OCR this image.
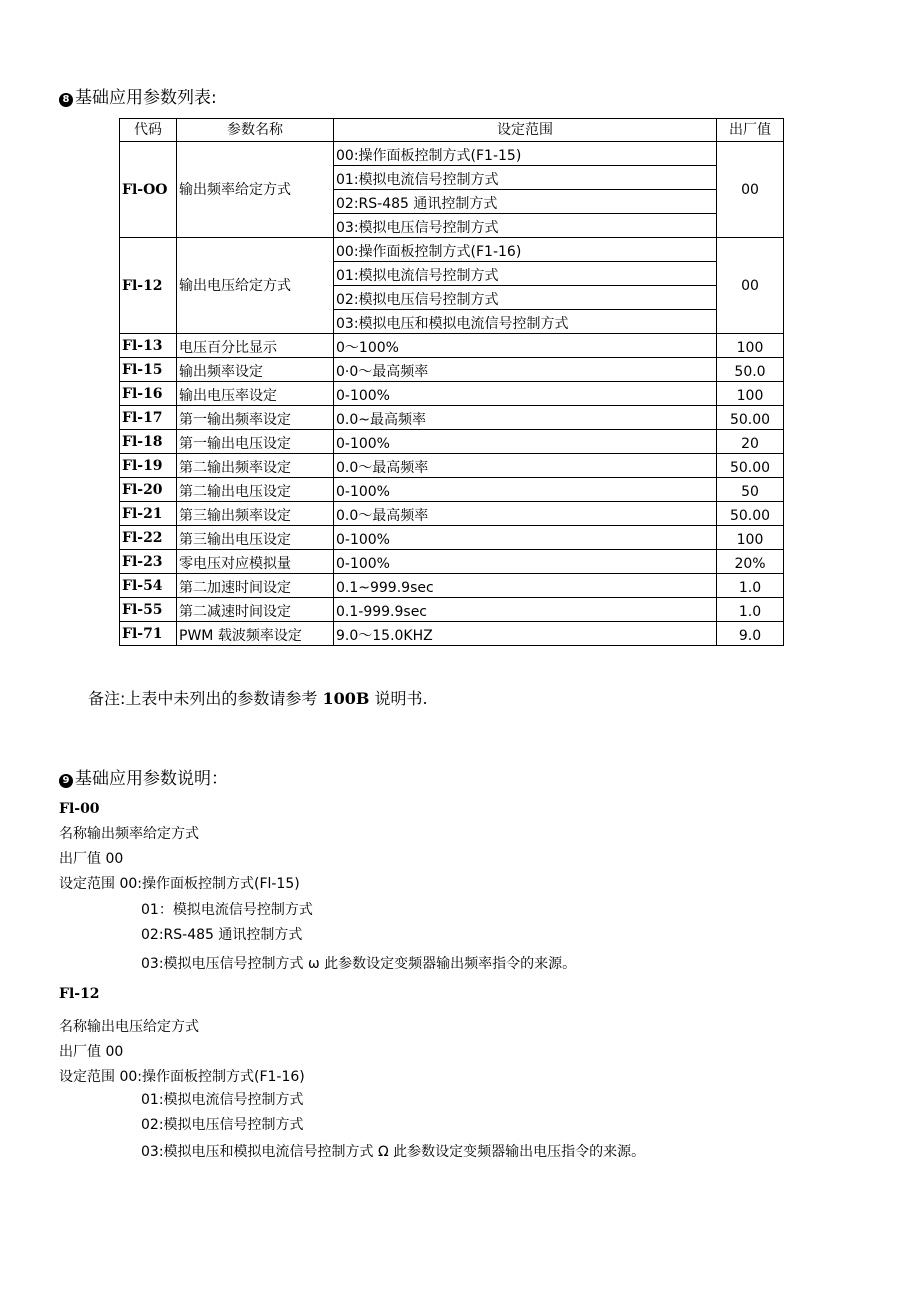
8 基础应用参数列表:
代码	参数名称	设定范围	出厂值
Fl-OO	输出频率给定方式	00:操作面板控制方式(F1-15)	00
		01:模拟电流信号控制方式	
		02:RS-485 通讯控制方式	
		03:模拟电压信号控制方式	
Fl-12	输出电压给定方式	00:操作面板控制方式(F1-16)	00
		01:模拟电流信号控制方式	
		02:模拟电压信号控制方式	
		03:模拟电压和模拟电流信号控制方式	
Fl-13	电压百分比显示	0～100%	100
Fl-15	输出频率设定	0·0～最高频率	50.0
Fl-16	输出电压率设定	0-100%	100
Fl-17	第一输出频率设定	0.0~最高频率	50.00
Fl-18	第一输出电压设定	0-100%	20
Fl-19	第二输出频率设定	0.0～最高频率	50.00
Fl-20	第二输出电压设定	0-100%	50
Fl-21	第三输出频率设定	0.0～最高频率	50.00
Fl-22	第三输出电压设定	0-100%	100
Fl-23	零电压对应模拟量	0-100%	20%
Fl-54	第二加速时间设定	0.1~999.9sec	1.0
Fl-55	第二减速时间设定	0.1-999.9sec	1.0
Fl-71	PWM 载波频率设定	9.0～15.0KHZ	9.0
备注:上表中未列出的参数请参考 100B 说明书.
9 基础应用参数说明：
Fl-00
名称输出频率给定方式
出厂值 00
设定范围 00:操作面板控制方式(Fl-15)
01：模拟电流信号控制方式
02:RS-485 通讯控制方式
03:模拟电压信号控制方式 ω 此参数设定变频器输出频率指令的来源。
Fl-12
名称输出电压给定方式
出厂值 00
设定范围 00:操作面板控制方式(F1-16)
01:模拟电流信号控制方式
02:模拟电压信号控制方式
03:模拟电压和模拟电流信号控制方式 Ω 此参数设定变频器输出电压指令的来源。
